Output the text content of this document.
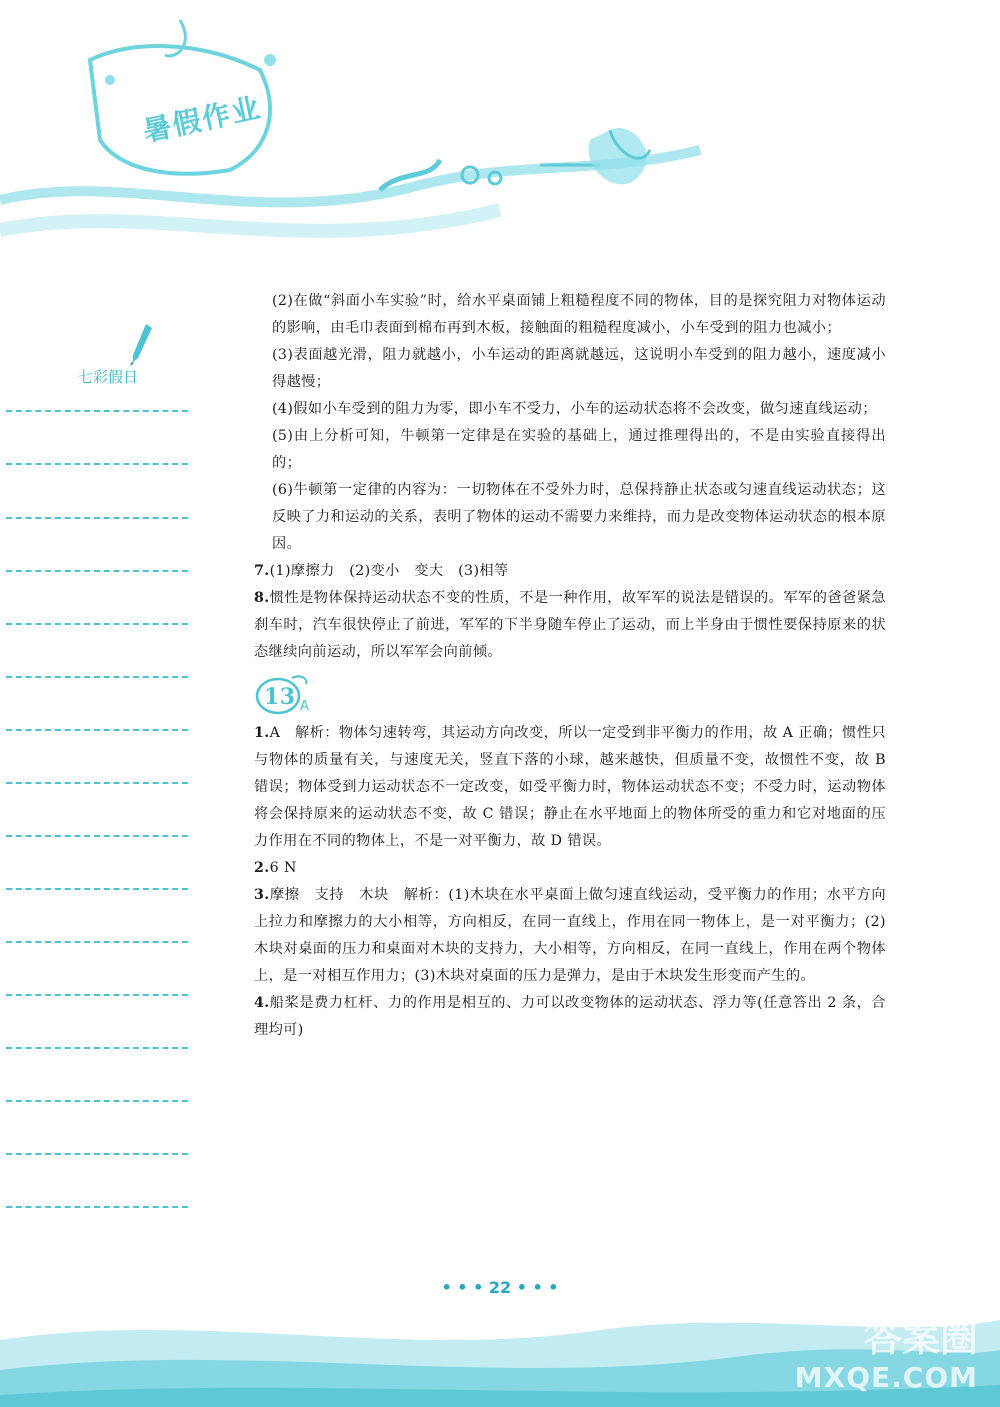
暑假作业
七彩假日

(2)在做“斜面小车实验”时，给水平桌面铺上粗糙程度不同的物体，目的是探究阻力对物体运动的影响，由毛巾表面到棉布再到木板，接触面的粗糙程度减小，小车受到的阻力也减小；

(3)表面越光滑，阻力就越小，小车运动的距离就越远，这说明小车受到的阻力越小，速度减小得越慢；

(4)假如小车受到的阻力为零，即小车不受力，小车的运动状态将不会改变，做匀速直线运动；

(5)由上分析可知，牛顿第一定律是在实验的基础上，通过推理得出的，不是由实验直接得出的；

(6)牛顿第一定律的内容为：一切物体在不受外力时，总保持静止状态或匀速直线运动状态；这反映了力和运动的关系，表明了物体的运动不需要力来维持，而力是改变物体运动状态的根本原因。

7.(1)摩擦力　(2)变小　变大　(3)相等

8.惯性是物体保持运动状态不变的性质，不是一种作用，故军军的说法是错误的。军军的爸爸紧急刹车时，汽车很快停止了前进，军军的下半身随车停止了运动，而上半身由于惯性要保持原来的状态继续向前运动，所以军军会向前倾。

13 A

1.A　解析：物体匀速转弯，其运动方向改变，所以一定受到非平衡力的作用，故 A 正确；惯性只与物体的质量有关，与速度无关，竖直下落的小球，越来越快，但质量不变，故惯性不变，故 B 错误；物体受到力运动状态不一定改变，如受平衡力时，物体运动状态不变；不受力时，运动物体将会保持原来的运动状态不变，故 C 错误；静止在水平地面上的物体所受的重力和它对地面的压力作用在不同的物体上，不是一对平衡力，故 D 错误。

2.6 N

3.摩擦　支持　木块　解析：(1)木块在水平桌面上做匀速直线运动，受平衡力的作用；水平方向上拉力和摩擦力的大小相等，方向相反，在同一直线上，作用在同一物体上，是一对平衡力；(2)木块对桌面的压力和桌面对木块的支持力，大小相等，方向相反，在同一直线上，作用在两个物体上，是一对相互作用力；(3)木块对桌面的压力是弹力，是由于木块发生形变而产生的。

4.船桨是费力杠杆、力的作用是相互的、力可以改变物体的运动状态、浮力等(任意答出 2 条，合理均可)

• • • 22 • • •
答案圈
MXQE.COM
